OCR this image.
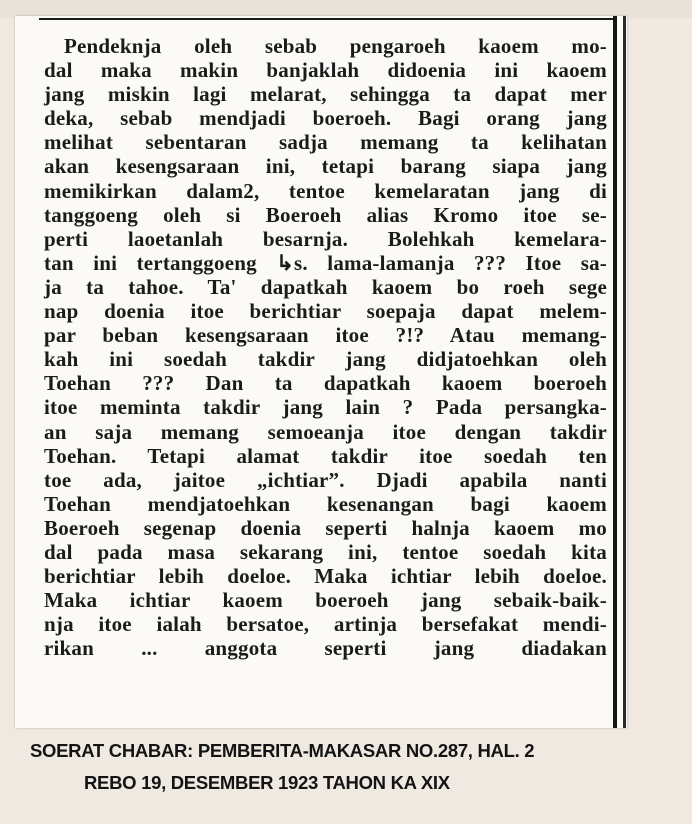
Pendeknja oleh sebab pengaroeh kaoem mo-
dal maka makin banjaklah didoenia ini kaoem
jang miskin lagi melarat, sehingga ta dapat mer
deka, sebab mendjadi boeroeh. Bagi orang jang
melihat sebentaran sadja memang ta kelihatan
akan kesengsaraan ini, tetapi barang siapa jang
memikirkan dalam2, tentoe kemelaratan jang di
tanggoeng oleh si Boeroeh alias Kromo itoe se-
perti laoetanlah besarnja. Bolehkah kemelara-
tan ini tertanggoeng ↳s. lama-lamanja ??? Itoe sa-
ja ta tahoe. Ta' dapatkah kaoem bo roeh sege
nap doenia itoe berichtiar soepaja dapat melem-
par beban kesengsaraan itoe ?!? Atau memang-
kah ini soedah takdir jang didjatoehkan oleh
Toehan ??? Dan ta dapatkah kaoem boeroeh
itoe meminta takdir jang lain ? Pada persangka-
an saja memang semoeanja itoe dengan takdir
Toehan. Tetapi alamat takdir itoe soedah ten
toe ada, jaitoe „ichtiar”. Djadi apabila nanti
Toehan mendjatoehkan kesenangan bagi kaoem
Boeroeh segenap doenia seperti halnja kaoem mo
dal pada masa sekarang ini, tentoe soedah kita
berichtiar lebih doeloe. Maka ichtiar lebih doeloe.
Maka ichtiar kaoem boeroeh jang sebaik-baik-
nja itoe ialah bersatoe, artinja bersefakat mendi-
rikan ... anggota seperti jang diadakan
SOERAT CHABAR: PEMBERITA-MAKASAR NO.287, HAL. 2
REBO 19, DESEMBER 1923 TAHON KA XIX
